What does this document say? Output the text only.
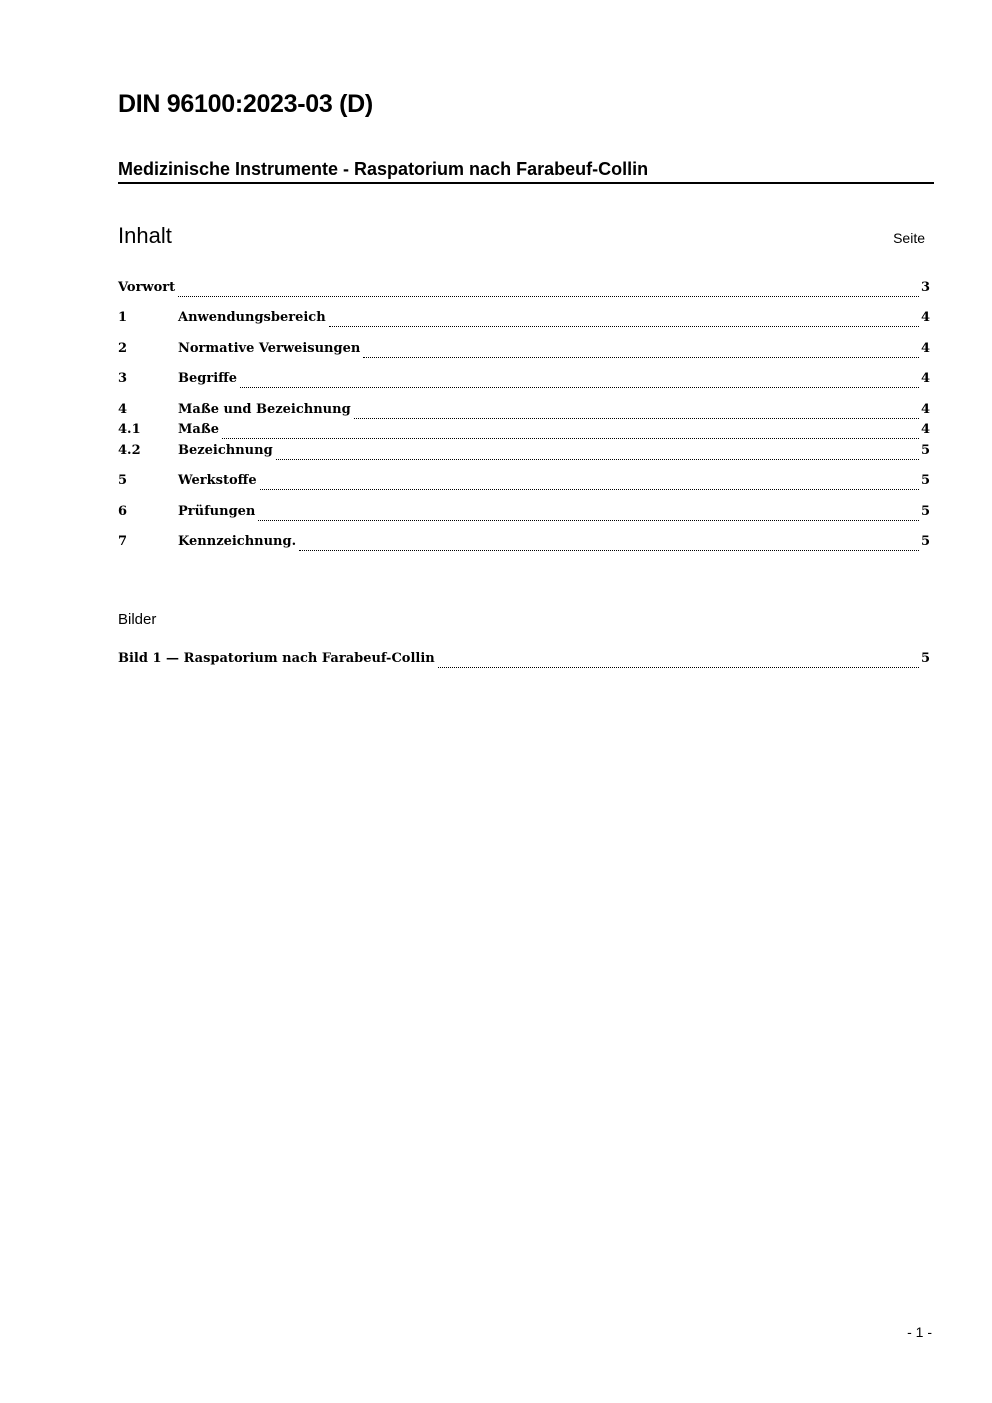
DIN 96100:2023-03 (D)
Medizinische Instrumente - Raspatorium nach Farabeuf-Collin
Inhalt	Seite
Vorwort	3
1	Anwendungsbereich	4
2	Normative Verweisungen	4
3	Begriffe	4
4	Maße und Bezeichnung	4
4.1	Maße	4
4.2	Bezeichnung	5
5	Werkstoffe	5
6	Prüfungen	5
7	Kennzeichnung.	5
Bilder
Bild 1 — Raspatorium nach Farabeuf-Collin	5
- 1 -
